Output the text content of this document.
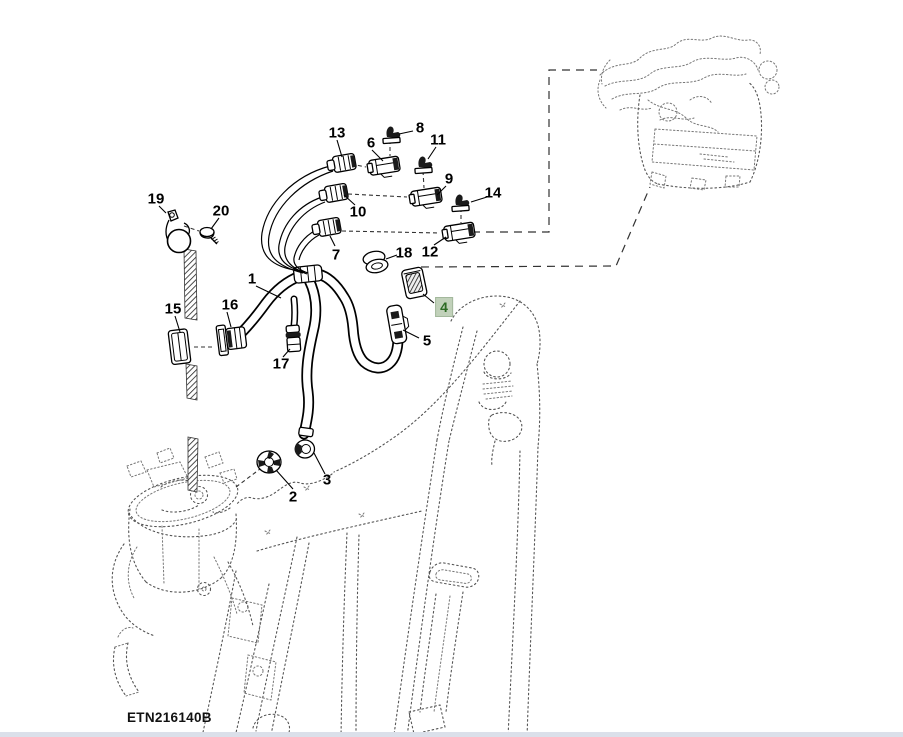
1
2
3
4
5
6
7
8
9
10
11
12
13
14
15	16
17
18
19
20
ETN216140B
